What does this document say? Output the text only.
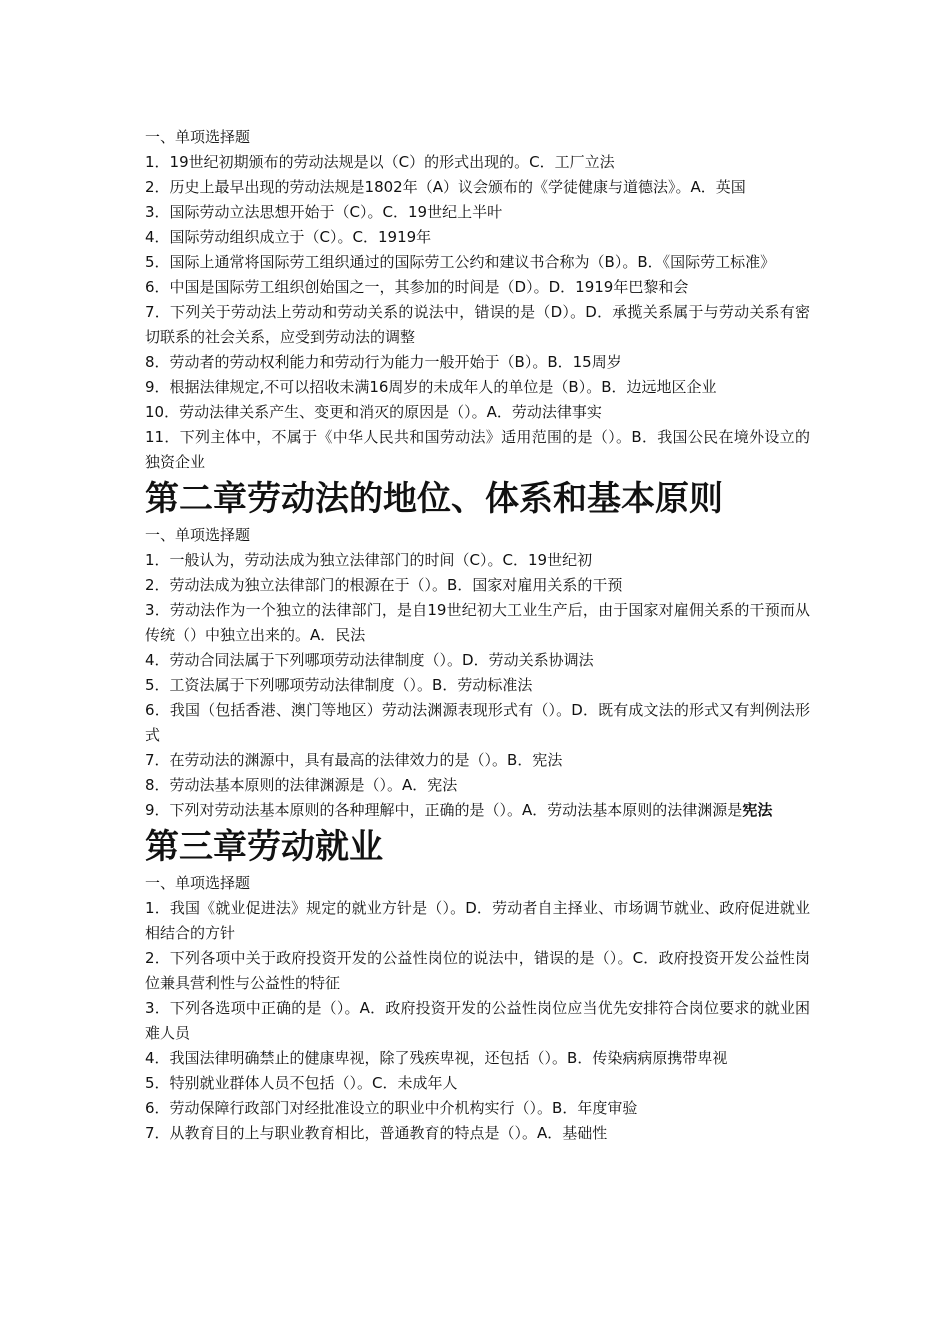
一、单项选择题

1．19世纪初期颁布的劳动法规是以（C）的形式出现的。C．工厂立法

2．历史上最早出现的劳动法规是1802年（A）议会颁布的《学徒健康与道德法》。A．英国

3．国际劳动立法思想开始于（C）。C．19世纪上半叶

4．国际劳动组织成立于（C）。C．1919年

5．国际上通常将国际劳工组织通过的国际劳工公约和建议书合称为（B）。B．《国际劳工标准》

6．中国是国际劳工组织创始国之一，其参加的时间是（D）。D．1919年巴黎和会

7．下列关于劳动法上劳动和劳动关系的说法中，错误的是（D）。D．承揽关系属于与劳动关系有密切联系的社会关系，应受到劳动法的调整

8．劳动者的劳动权利能力和劳动行为能力一般开始于（B）。B．15周岁

9．根据法律规定,不可以招收未满16周岁的未成年人的单位是（B）。B．边远地区企业

10．劳动法律关系产生、变更和消灭的原因是（）。A．劳动法律事实

11．下列主体中，不属于《中华人民共和国劳动法》适用范围的是（）。B．我国公民在境外设立的独资企业

第二章劳动法的地位、体系和基本原则

一、单项选择题

1．一般认为，劳动法成为独立法律部门的时间（C）。C．19世纪初

2．劳动法成为独立法律部门的根源在于（）。B．国家对雇用关系的干预

3．劳动法作为一个独立的法律部门，是自19世纪初大工业生产后，由于国家对雇佣关系的干预而从传统（）中独立出来的。A．民法

4．劳动合同法属于下列哪项劳动法律制度（）。D．劳动关系协调法

5．工资法属于下列哪项劳动法律制度（）。B．劳动标准法

6．我国（包括香港、澳门等地区）劳动法渊源表现形式有（）。D．既有成文法的形式又有判例法形式

7．在劳动法的渊源中，具有最高的法律效力的是（）。B．宪法

8．劳动法基本原则的法律渊源是（）。A．宪法

9．下列对劳动法基本原则的各种理解中，正确的是（）。A．劳动法基本原则的法律渊源是宪法

第三章劳动就业

一、单项选择题

1．我国《就业促进法》规定的就业方针是（）。D．劳动者自主择业、市场调节就业、政府促进就业相结合的方针

2．下列各项中关于政府投资开发的公益性岗位的说法中，错误的是（）。C．政府投资开发公益性岗位兼具营利性与公益性的特征

3．下列各选项中正确的是（）。A．政府投资开发的公益性岗位应当优先安排符合岗位要求的就业困难人员

4．我国法律明确禁止的健康卑视，除了残疾卑视，还包括（）。B．传染病病原携带卑视

5．特别就业群体人员不包括（）。C．未成年人

6．劳动保障行政部门对经批准设立的职业中介机构实行（）。B．年度审验

7．从教育目的上与职业教育相比，普通教育的特点是（）。A．基础性
